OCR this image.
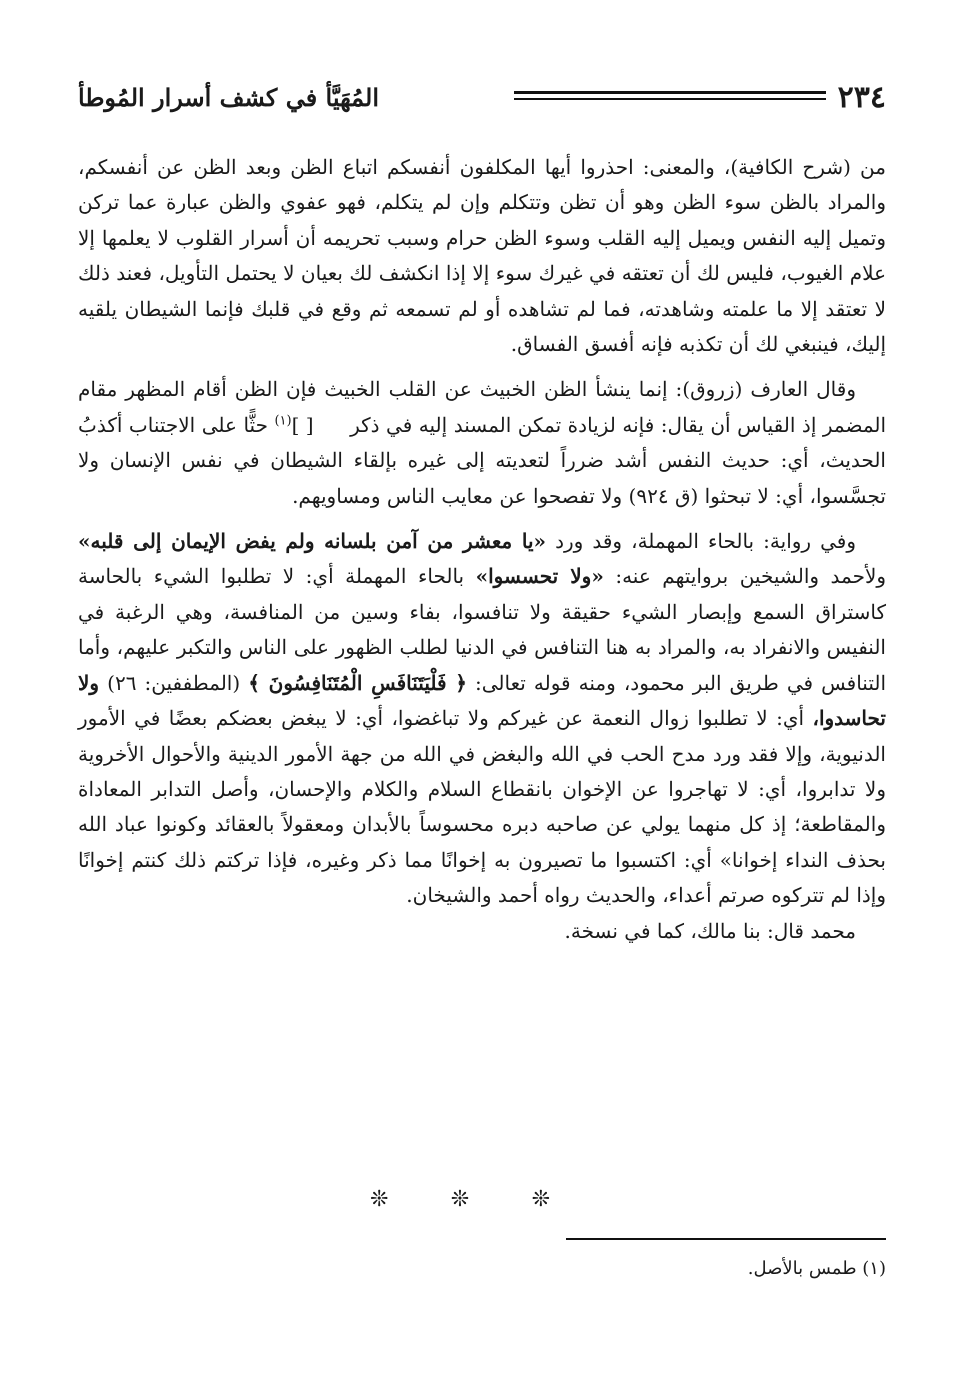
٢٣٤
المُهَيَّأ في كشف أسرار المُوطأ

من (شرح الكافية)، والمعنى: احذروا أيها المكلفون أنفسكم اتباع الظن وبعد الظن عن أنفسكم، والمراد بالظن سوء الظن وهو أن تظن وتتكلم وإن لم يتكلم، فهو عفوي والظن عبارة عما تركن وتميل إليه النفس ويميل إليه القلب وسوء الظن حرام وسبب تحريمه أن أسرار القلوب لا يعلمها إلا علام الغيوب، فليس لك أن تعتقه في غيرك سوء إلا إذا انكشف لك بعيان لا يحتمل التأويل، فعند ذلك لا تعتقد إلا ما علمته وشاهدته، فما لم تشاهده أو لم تسمعه ثم وقع في قلبك فإنما الشيطان يلقيه إليك، فينبغي لك أن تكذبه فإنه أفسق الفساق.

وقال العارف (زروق): إنما ينشأ الظن الخبيث عن القلب الخبيث فإن الظن أقام المظهر مقام المضمر إذ القياس أن يقال: فإنه لزيادة تمكن المسند إليه في ذكر [ ]$^{(١)}$ حثًّا على الاجتناب أكذبُ الحديث، أي: حديث النفس أشد ضرراً لتعديته إلى غيره بإلقاء الشيطان في نفس الإنسان ولا تجسَّسوا، أي: لا تبحثوا (ق ٩٢٤) ولا تفصحوا عن معايب الناس ومساويهم.

وفي رواية: بالحاء المهملة، وقد ورد «يا معشر من آمن بلسانه ولم يفض الإيمان إلى قلبه» ولأحمد والشيخين بروايتهم عنه: «ولا تحسسوا» بالحاء المهملة أي: لا تطلبوا الشيء بالحاسة كاستراق السمع وإبصار الشيء حقيقة ولا تنافسوا، بفاء وسين من المنافسة، وهي الرغبة في النفيس والانفراد به، والمراد به هنا التنافس في الدنيا لطلب الظهور على الناس والتكبر عليهم، وأما التنافس في طريق البر محمود، ومنه قوله تعالى: ﴿ فَلْيَتَنَافَسِ الْمُتَنَافِسُونَ ﴾ (المطففين: ٢٦) ولا تحاسدوا، أي: لا تطلبوا زوال النعمة عن غيركم ولا تباغضوا، أي: لا يبغض بعضكم بعضًا في الأمور الدنيوية، وإلا فقد ورد مدح الحب في الله والبغض في الله من جهة الأمور الدينية والأحوال الأخروية ولا تدابروا، أي: لا تهاجروا عن الإخوان بانقطاع السلام والكلام والإحسان، وأصل التدابر المعاداة والمقاطعة؛ إذ كل منهما يولي عن صاحبه دبره محسوساً بالأبدان ومعقولاً بالعقائد وكونوا عباد الله بحذف النداء إخوانا» أي: اكتسبوا ما تصيرون به إخوانًا مما ذكر وغيره، فإذا تركتم ذلك كنتم إخوانًا وإذا لم تتركوه صرتم أعداء، والحديث رواه أحمد والشيخان.

محمد قال: بنا مالك، كما في نسخة.

❊	❊	❊
(١) طمس بالأصل.
